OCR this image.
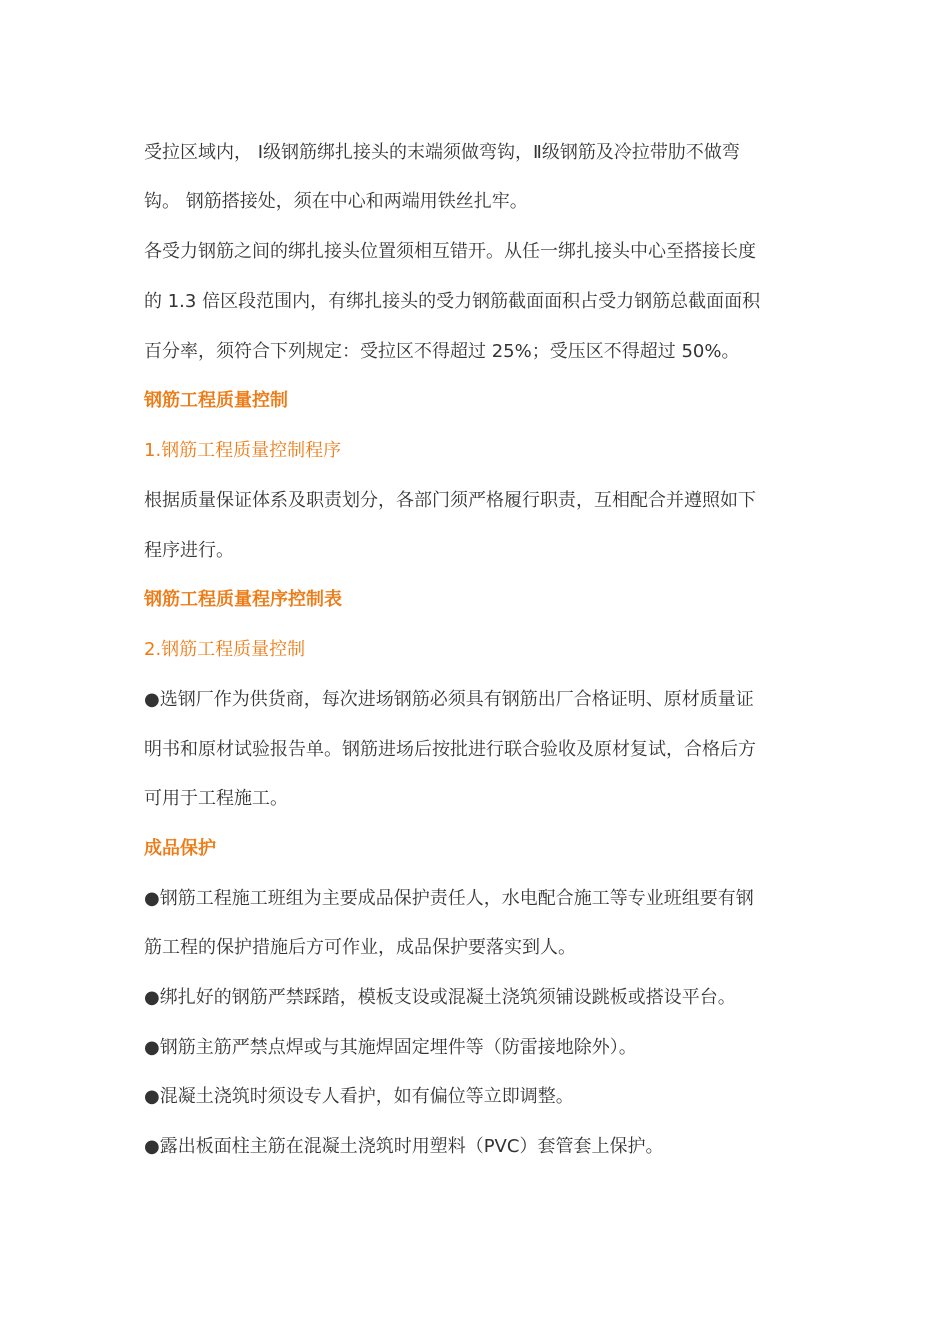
受拉区域内， Ⅰ级钢筋绑扎接头的末端须做弯钩，Ⅱ级钢筋及冷拉带肋不做弯
钩。 钢筋搭接处，须在中心和两端用铁丝扎牢。
各受力钢筋之间的绑扎接头位置须相互错开。从任一绑扎接头中心至搭接长度
的 1.3 倍区段范围内，有绑扎接头的受力钢筋截面面积占受力钢筋总截面面积
百分率，须符合下列规定：受拉区不得超过 25%；受压区不得超过 50%。
钢筋工程质量控制
1.钢筋工程质量控制程序
根据质量保证体系及职责划分，各部门须严格履行职责，互相配合并遵照如下
程序进行。
钢筋工程质量程序控制表
2.钢筋工程质量控制
●选钢厂作为供货商，每次进场钢筋必须具有钢筋出厂合格证明、原材质量证
明书和原材试验报告单。钢筋进场后按批进行联合验收及原材复试，合格后方
可用于工程施工。
成品保护
●钢筋工程施工班组为主要成品保护责任人，水电配合施工等专业班组要有钢
筋工程的保护措施后方可作业，成品保护要落实到人。
●绑扎好的钢筋严禁踩踏，模板支设或混凝土浇筑须铺设跳板或搭设平台。
●钢筋主筋严禁点焊或与其施焊固定埋件等（防雷接地除外）。
●混凝土浇筑时须设专人看护，如有偏位等立即调整。
●露出板面柱主筋在混凝土浇筑时用塑料（PVC）套管套上保护。
